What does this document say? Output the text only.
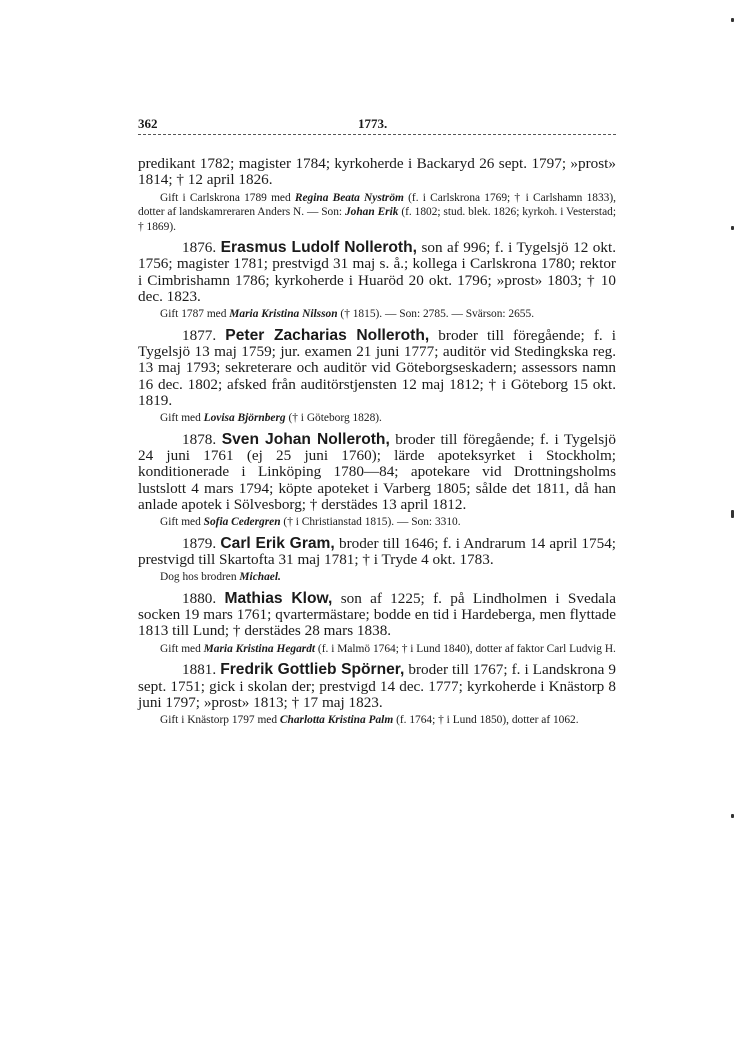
362	1773.

predikant 1782; magister 1784; kyrkoherde i Backaryd 26 sept. 1797; »prost» 1814; † 12 april 1826.

Gift i Carlskrona 1789 med Regina Beata Nyström (f. i Carlskrona 1769; † i Carlshamn 1833), dotter af landskamreraren Anders N. — Son: Johan Erik (f. 1802; stud. blek. 1826; kyrkoh. i Vesterstad; † 1869).

1876. Erasmus Ludolf Nolleroth, son af 996; f. i Tygelsjö 12 okt. 1756; magister 1781; prestvigd 31 maj s. å.; kollega i Carlskrona 1780; rektor i Cimbrishamn 1786; kyrkoherde i Huaröd 20 okt. 1796; »prost» 1803; † 10 dec. 1823.

Gift 1787 med Maria Kristina Nilsson († 1815). — Son: 2785. — Svärson: 2655.

1877. Peter Zacharias Nolleroth, broder till föregående; f. i Tygelsjö 13 maj 1759; jur. examen 21 juni 1777; auditör vid Stedingkska reg. 13 maj 1793; sekreterare och auditör vid Göteborgseskadern; assessors namn 16 dec. 1802; afsked från auditörstjensten 12 maj 1812; † i Göteborg 15 okt. 1819.

Gift med Lovisa Björnberg († i Göteborg 1828).

1878. Sven Johan Nolleroth, broder till föregående; f. i Tygelsjö 24 juni 1761 (ej 25 juni 1760); lärde apoteksyrket i Stockholm; konditionerade i Linköping 1780—84; apotekare vid Drottningsholms lustslott 4 mars 1794; köpte apoteket i Varberg 1805; sålde det 1811, då han anlade apotek i Sölvesborg; † derstädes 13 april 1812.

Gift med Sofia Cedergren († i Christianstad 1815). — Son: 3310.

1879. Carl Erik Gram, broder till 1646; f. i Andrarum 14 april 1754; prestvigd till Skartofta 31 maj 1781; † i Tryde 4 okt. 1783.

Dog hos brodren Michael.

1880. Mathias Klow, son af 1225; f. på Lindholmen i Svedala socken 19 mars 1761; qvartermästare; bodde en tid i Hardeberga, men flyttade 1813 till Lund; † derstädes 28 mars 1838.

Gift med Maria Kristina Hegardt (f. i Malmö 1764; † i Lund 1840), dotter af faktor Carl Ludvig H.

1881. Fredrik Gottlieb Spörner, broder till 1767; f. i Landskrona 9 sept. 1751; gick i skolan der; prestvigd 14 dec. 1777; kyrkoherde i Knästorp 8 juni 1797; »prost» 1813; † 17 maj 1823.

Gift i Knästorp 1797 med Charlotta Kristina Palm (f. 1764; † i Lund 1850), dotter af 1062.
